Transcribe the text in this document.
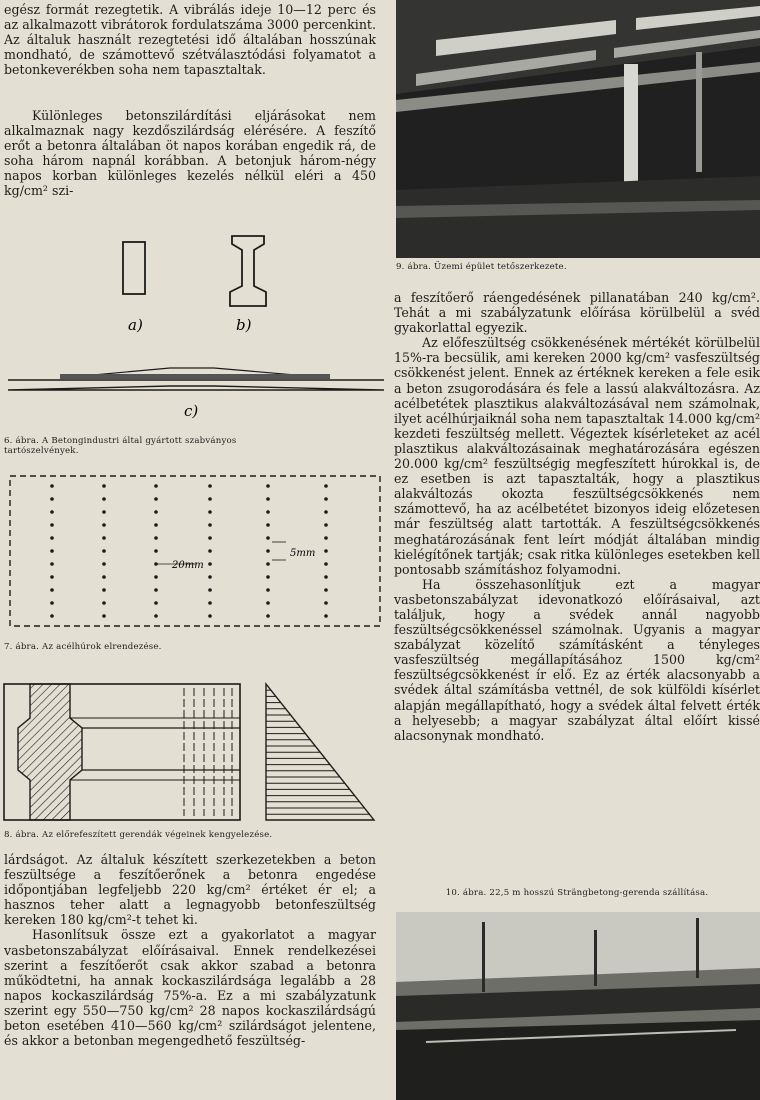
egész formát rezegtetik. A vibrálás ideje 10—12 perc és az alkalmazott vibrátorok fordulatszáma 3000 percenkint. Az általuk használt rezegtetési idő általában hosszúnak mondható, de számottevő szétválasztódási folyamatot a betonkeverékben soha nem tapasztaltak.

Különleges betonszilárdítási eljárásokat nem alkalmaznak nagy kezdőszilárdság elérésére. A feszítő erőt a betonra általában öt napos korában engedik rá, de soha három napnál korábban. A betonjuk három-négy napos korban különleges kezelés nélkül eléri a 450 kg/cm² szi-

a)	b)
c)

6. ábra. A Betongindustri által gyártott szabványos tartószelvények.

20mm
5mm

7. ábra. Az acélhúrok elrendezése.

8. ábra. Az előrefeszített gerendák végeinek kengyelezése.

lárdságot. Az általuk készített szerkezetekben a beton feszültsége a feszítőerőnek a betonra engedése időpontjában legfeljebb 220 kg/cm² értéket ér el; a hasznos teher alatt a legnagyobb betonfeszültség kereken 180 kg/cm²-t tehet ki.

Hasonlítsuk össze ezt a gyakorlatot a magyar vasbetonszabályzat előírásaival. Ennek rendelkezései szerint a feszítőerőt csak akkor szabad a betonra működtetni, ha annak kockaszilárdsága legalább a 28 napos kockaszilárdság 75%-a. Ez a mi szabályzatunk szerint egy 550—750 kg/cm² 28 napos kockaszilárdságú beton esetében 410—560 kg/cm² szilárdságot jelentene, és akkor a betonban megengedhető feszültség-

9. ábra. Üzemi épület tetőszerkezete.

a feszítőerő ráengedésének pillanatában 240 kg/cm². Tehát a mi szabályzatunk előírása körülbelül a svéd gyakorlattal egyezik.

Az előfeszültség csökkenésének mértékét körülbelül 15%-ra becsülik, ami kereken 2000 kg/cm² vasfeszültség csökkenést jelent. Ennek az értéknek kereken a fele esik a beton zsugorodására és fele a lassú alakváltozásra. Az acélbetétek plasztikus alakváltozásával nem számolnak, ilyet acélhúrjaiknál soha nem tapasztaltak 14.000 kg/cm² kezdeti feszültség mellett. Végeztek kísérleteket az acél plasztikus alakváltozásainak meghatározására egészen 20.000 kg/cm² feszültségig megfeszített húrokkal is, de ez esetben is azt tapasztalták, hogy a plasztikus alakváltozás okozta feszültségcsökkenés nem számottevő, ha az acélbetétet bizonyos ideig előzetesen már feszültség alatt tartották. A feszültségcsökkenés meghatározásának fent leírt módját általában mindig kielégítőnek tartják; csak ritka különleges esetekben kell pontosabb számításhoz folyamodni.

Ha összehasonlítjuk ezt a magyar vasbetonszabályzat idevonatkozó előírásaival, azt találjuk, hogy a svédek annál nagyobb feszültségcsökkenéssel számolnak. Ugyanis a magyar szabályzat közelítő számításként a tényleges vasfeszültség megállapításához 1500 kg/cm² feszültségcsökkenést ír elő. Ez az érték alacsonyabb a svédek által számításba vettnél, de sok külföldi kísérlet alapján megállapítható, hogy a svédek által felvett érték a helyesebb; a magyar szabályzat által előírt kissé alacsonynak mondható.

10. ábra. 22,5 m hosszú Strängbetong-gerenda szállítása.
